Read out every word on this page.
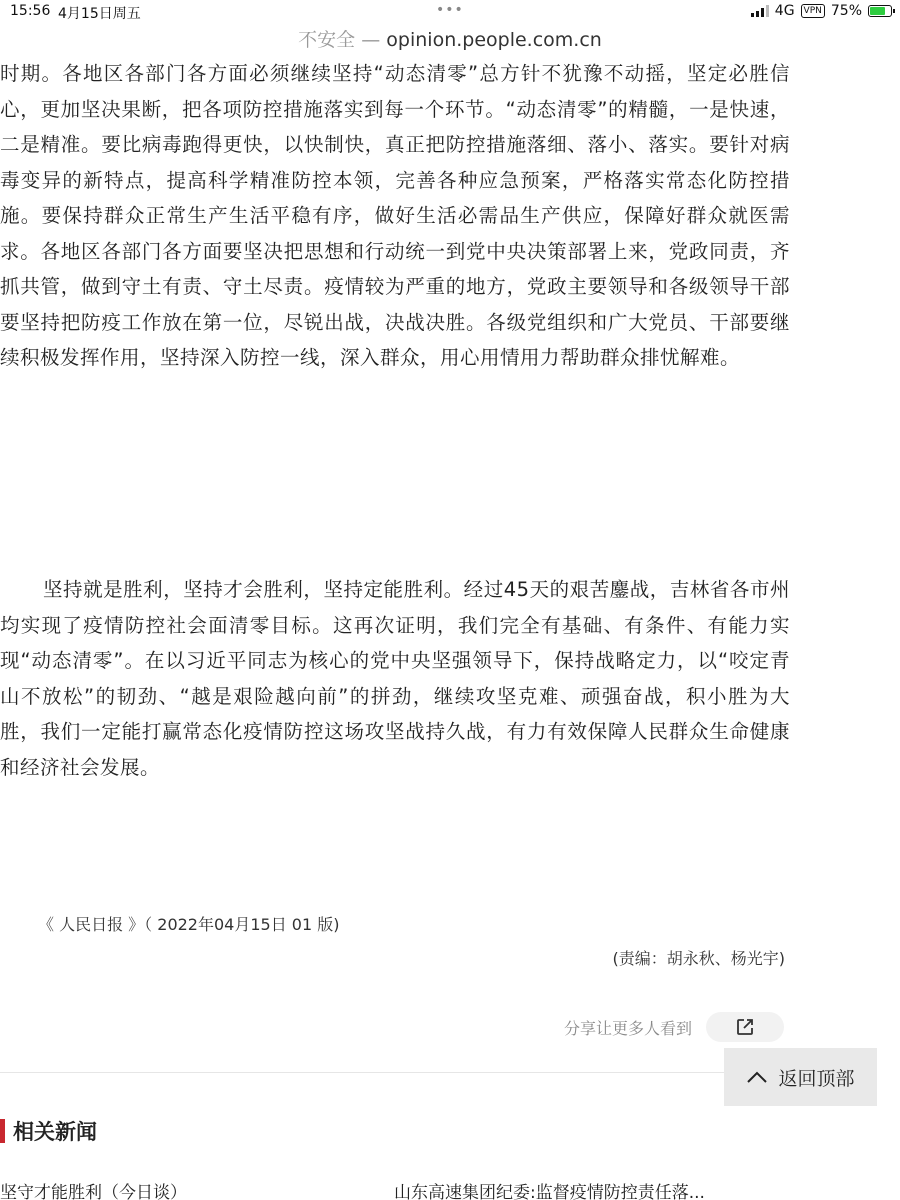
15:56 4月15日周五	•••	4G	VPN 75%
不安全 — opinion.people.com.cn

时期。各地区各部门各方面必须继续坚持“动态清零”总方针不犹豫不动摇，坚定必胜信心，更加坚决果断，把各项防控措施落实到每一个环节。“动态清零”的精髓，一是快速，二是精准。要比病毒跑得更快，以快制快，真正把防控措施落细、落小、落实。要针对病毒变异的新特点，提高科学精准防控本领，完善各种应急预案，严格落实常态化防控措施。要保持群众正常生产生活平稳有序，做好生活必需品生产供应，保障好群众就医需求。各地区各部门各方面要坚决把思想和行动统一到党中央决策部署上来，党政同责，齐抓共管，做到守土有责、守土尽责。疫情较为严重的地方，党政主要领导和各级领导干部要坚持把防疫工作放在第一位，尽锐出战，决战决胜。各级党组织和广大党员、干部要继续积极发挥作用，坚持深入防控一线，深入群众，用心用情用力帮助群众排忧解难。

坚持就是胜利，坚持才会胜利，坚持定能胜利。经过45天的艰苦鏖战，吉林省各市州均实现了疫情防控社会面清零目标。这再次证明，我们完全有基础、有条件、有能力实现“动态清零”。在以习近平同志为核心的党中央坚强领导下，保持战略定力，以“咬定青山不放松”的韧劲、“越是艰险越向前”的拼劲，继续攻坚克难、顽强奋战，积小胜为大胜，我们一定能打赢常态化疫情防控这场攻坚战持久战，有力有效保障人民群众生命健康和经济社会发展。

《 人民日报 》（ 2022年04月15日 01 版)
(责编：胡永秋、杨光宇)
分享让更多人看到
返回顶部
相关新闻
坚守才能胜利（今日谈）	山东高速集团纪委:监督疫情防控责任落...
